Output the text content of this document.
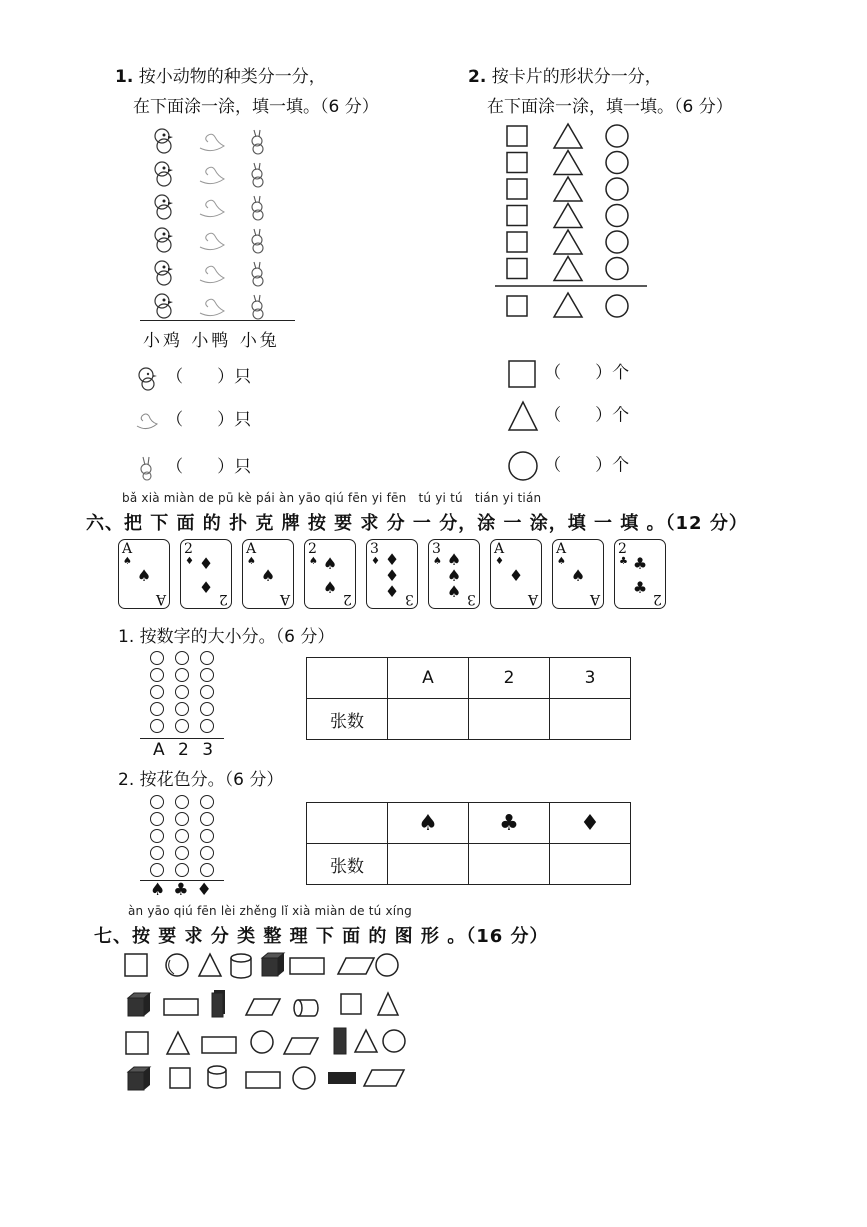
1. 按小动物的种类分一分，
在下面涂一涂，填一填。（6 分）
小鸡 小鸭 小兔
（　　）只
（　　）只
（　　）只
2. 按卡片的形状分一分，
在下面涂一涂，填一填。（6 分）
（　　）个
（　　）个
（　　）个
bǎ xià miàn de pū kè pái àn yāo qiú fēn yi fēn tú yi tú tián yi tián
六、把 下 面 的 扑 克 牌 按 要 求 分 一 分，涂 一 涂，填 一 填 。（12 分）
A
♠
♠
A
2
♦ ♦
♦
2
A
♠
♠
A
2
♠ ♠
♠
2
3
♦ ♦
♦
♦ 3
3
♠ ♠
♠
♠ 3
A
♦
♦
A
A
♠
♠
A
2
♣ ♣
♣
2
1. 按数字的大小分。（6 分）
A 2 3
	A	2	3
张数			
2. 按花色分。（6 分）
♠♣♦
	♠	♣	♦
张数			
àn yāo qiú fēn lèi zhěng lǐ xià miàn de tú xíng
七、按 要 求 分 类 整 理 下 面 的 图 形 。（16 分）
